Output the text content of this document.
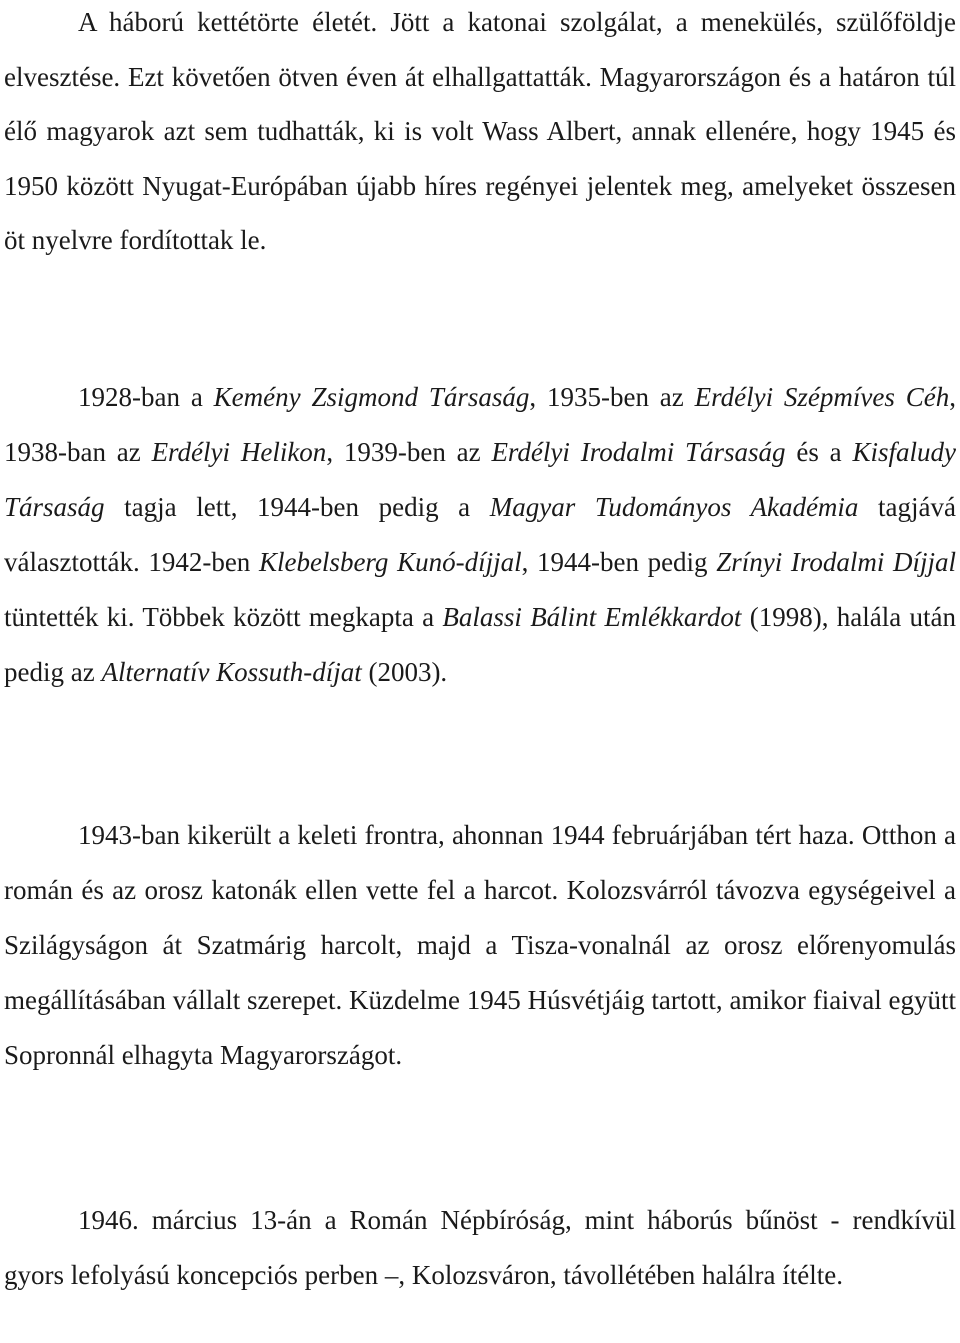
A háború kettétörte életét. Jött a katonai szolgálat, a menekülés, szülőföldje elvesztése. Ezt követően ötven éven át elhallgattatták. Magyarországon és a határon túl élő magyarok azt sem tudhatták, ki is volt Wass Albert, annak ellenére, hogy 1945 és 1950 között Nyugat-Európában újabb híres regényei jelentek meg, amelyeket összesen öt nyelvre fordítottak le.

1928-ban a Kemény Zsigmond Társaság, 1935-ben az Erdélyi Szépmíves Céh, 1938-ban az Erdélyi Helikon, 1939-ben az Erdélyi Irodalmi Társaság és a Kisfaludy Társaság tagja lett, 1944-ben pedig a Magyar Tudományos Akadémia tagjává választották. 1942-ben Klebelsberg Kunó-díjjal, 1944-ben pedig Zrínyi Irodalmi Díjjal tüntették ki. Többek között megkapta a Balassi Bálint Emlékkardot (1998), halála után pedig az Alternatív Kossuth-díjat (2003).

1943-ban kikerült a keleti frontra, ahonnan 1944 februárjában tért haza. Otthon a román és az orosz katonák ellen vette fel a harcot. Kolozsvárról távozva egységeivel a Szilágyságon át Szatmárig harcolt, majd a Tisza-vonalnál az orosz előrenyomulás megállításában vállalt szerepet. Küzdelme 1945 Húsvétjáig tartott, amikor fiaival együtt Sopronnál elhagyta Magyarországot.

1946. március 13-án a Román Népbíróság, mint háborús bűnöst - rendkívül gyors lefolyású koncepciós perben –, Kolozsváron, távollétében halálra ítélte.
